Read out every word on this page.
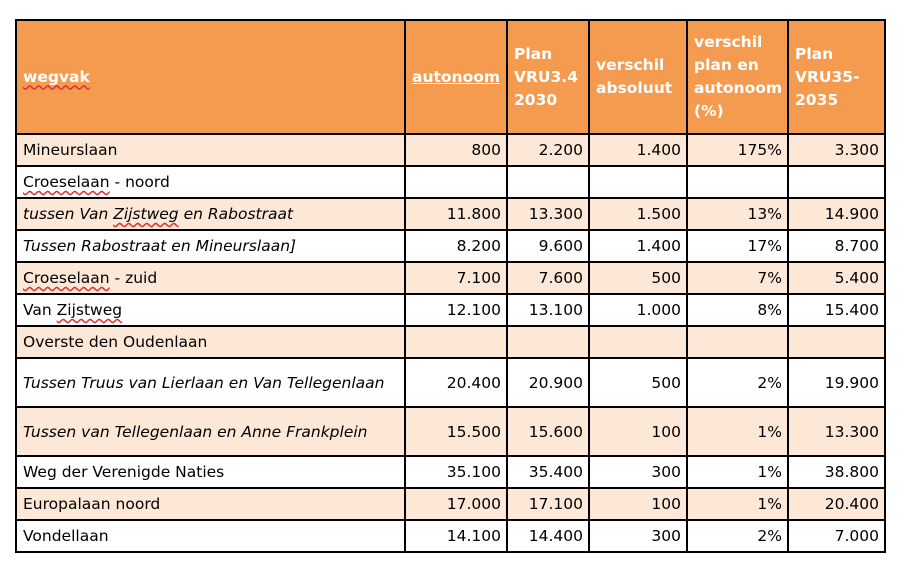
wegvak	autonoom	Plan VRU3.4 2030	verschil absoluut	verschil plan en autonoom (%)	Plan VRU35-2035
Mineurslaan	800	2.200	1.400	175%	3.300
Croeselaan - noord					
tussen Van Zijstweg en Rabostraat	11.800	13.300	1.500	13%	14.900
Tussen Rabostraat en Mineurslaan]	8.200	9.600	1.400	17%	8.700
Croeselaan - zuid	7.100	7.600	500	7%	5.400
Van Zijstweg	12.100	13.100	1.000	8%	15.400
Overste den Oudenlaan					
Tussen Truus van Lierlaan en Van Tellegenlaan	20.400	20.900	500	2%	19.900
Tussen van Tellegenlaan en Anne Frankplein	15.500	15.600	100	1%	13.300
Weg der Verenigde Naties	35.100	35.400	300	1%	38.800
Europalaan noord	17.000	17.100	100	1%	20.400
Vondellaan	14.100	14.400	300	2%	7.000
